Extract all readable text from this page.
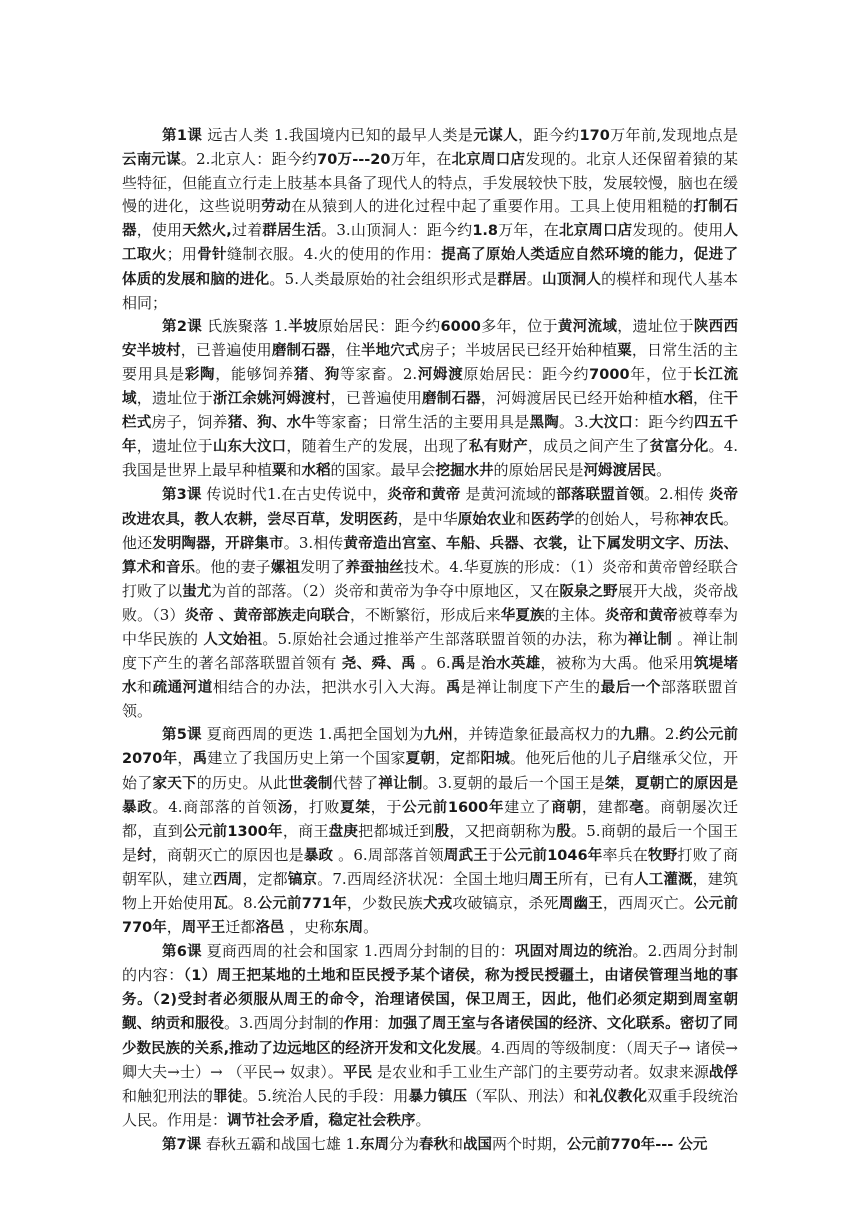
第1课 远古人类 1.我国境内已知的最早人类是元谋人，距今约170万年前,发现地点是云南元谋。2.北京人：距今约70万---20万年，在北京周口店发现的。北京人还保留着猿的某些特征，但能直立行走上肢基本具备了现代人的特点，手发展较快下肢，发展较慢，脑也在缓慢的进化，这些说明劳动在从猿到人的进化过程中起了重要作用。工具上使用粗糙的打制石器，使用天然火,过着群居生活。3.山顶洞人：距今约1.8万年，在北京周口店发现的。使用人工取火；用骨针缝制衣服。4.火的使用的作用：提高了原始人类适应自然环境的能力，促进了体质的发展和脑的进化。5.人类最原始的社会组织形式是群居。山顶洞人的模样和现代人基本相同；

第2课 氏族聚落 1.半坡原始居民：距今约6000多年，位于黄河流域，遗址位于陕西西安半坡村，已普遍使用磨制石器，住半地穴式房子；半坡居民已经开始种植粟，日常生活的主要用具是彩陶，能够饲养猪、狗等家畜。2.河姆渡原始居民：距今约7000年，位于长江流域，遗址位于浙江余姚河姆渡村，已普遍使用磨制石器，河姆渡居民已经开始种植水稻，住干栏式房子，饲养猪、狗、水牛等家畜；日常生活的主要用具是黑陶。3.大汶口：距今约四五千年，遗址位于山东大汶口，随着生产的发展，出现了私有财产，成员之间产生了贫富分化。4.我国是世界上最早种植粟和水稻的国家。最早会挖掘水井的原始居民是河姆渡居民。

第3课 传说时代1.在古史传说中，炎帝和黄帝 是黄河流域的部落联盟首领。2.相传 炎帝 改进农具，教人农耕，尝尽百草，发明医药，是中华原始农业和医药学的创始人，号称神农氏。他还发明陶器，开辟集市。3.相传黄帝造出宫室、车船、兵器、衣裳，让下属发明文字、历法、算术和音乐。他的妻子嫘祖发明了养蚕抽丝技术。4.华夏族的形成：（1）炎帝和黄帝曾经联合打败了以蚩尤为首的部落。（2）炎帝和黄帝为争夺中原地区，又在阪泉之野展开大战，炎帝战败。（3）炎帝 、黄帝部族走向联合，不断繁衍，形成后来华夏族的主体。炎帝和黄帝被尊奉为中华民族的 人文始祖。5.原始社会通过推举产生部落联盟首领的办法，称为禅让制 。禅让制度下产生的著名部落联盟首领有 尧、舜、禹 。6.禹是治水英雄，被称为大禹。他采用筑堤堵水和疏通河道相结合的办法，把洪水引入大海。禹是禅让制度下产生的最后一个部落联盟首领。

第5课 夏商西周的更迭 1.禹把全国划为九州，并铸造象征最高权力的九鼎。2.约公元前2070年，禹建立了我国历史上第一个国家夏朝，定都阳城。他死后他的儿子启继承父位，开始了家天下的历史。从此世袭制代替了禅让制。3.夏朝的最后一个国王是桀，夏朝亡的原因是暴政。4.商部落的首领汤，打败夏桀，于公元前1600年建立了商朝，建都亳。商朝屡次迁都，直到公元前1300年，商王盘庚把都城迁到殷，又把商朝称为殷。5.商朝的最后一个国王是纣，商朝灭亡的原因也是暴政 。6.周部落首领周武王于公元前1046年率兵在牧野打败了商朝军队，建立西周，定都镐京。7.西周经济状况：全国土地归周王所有，已有人工灌溉，建筑物上开始使用瓦。8.公元前771年，少数民族犬戎攻破镐京，杀死周幽王，西周灭亡。公元前770年，周平王迁都洛邑 ，史称东周。

第6课 夏商西周的社会和国家 1.西周分封制的目的：巩固对周边的统治。2.西周分封制的内容：（1）周王把某地的土地和臣民授予某个诸侯，称为授民授疆土，由诸侯管理当地的事务。（2)受封者必须服从周王的命令，治理诸侯国，保卫周王，因此，他们必须定期到周室朝觐、纳贡和服役。3.西周分封制的作用：加强了周王室与各诸侯国的经济、文化联系。密切了同少数民族的关系,推动了边远地区的经济开发和文化发展。4.西周的等级制度：（周天子→ 诸侯→ 卿大夫→士）→ （平民→ 奴隶）。平民 是农业和手工业生产部门的主要劳动者。奴隶来源战俘和触犯刑法的罪徒。5.统治人民的手段：用暴力镇压（军队、刑法）和礼仪教化双重手段统治人民。作用是：调节社会矛盾，稳定社会秩序。

第7课 春秋五霸和战国七雄 1.东周分为春秋和战国两个时期，公元前770年--- 公元
